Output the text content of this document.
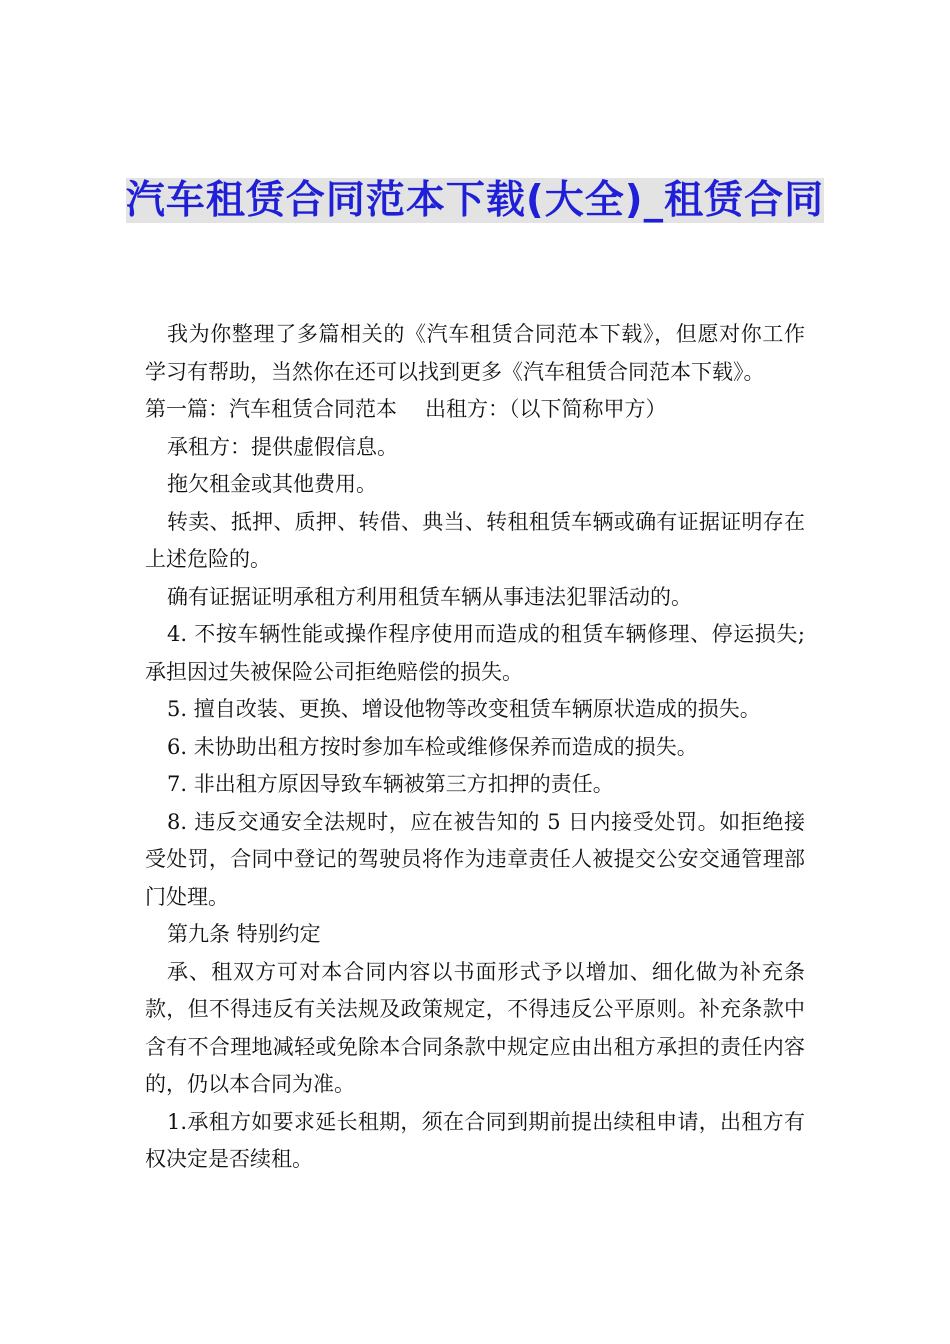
汽车租赁合同范本下载(大全)_租赁合同

我为你整理了多篇相关的《汽车租赁合同范本下载》，但愿对你工作学习有帮助，当然你在还可以找到更多《汽车租赁合同范本下载》。

第一篇：汽车租赁合同范本 出租方：（以下简称甲方）

承租方：提供虚假信息。

拖欠租金或其他费用。

转卖、抵押、质押、转借、典当、转租租赁车辆或确有证据证明存在上述危险的。

确有证据证明承租方利用租赁车辆从事违法犯罪活动的。

4. 不按车辆性能或操作程序使用而造成的租赁车辆修理、停运损失;承担因过失被保险公司拒绝赔偿的损失。

5. 擅自改装、更换、增设他物等改变租赁车辆原状造成的损失。

6. 未协助出租方按时参加车检或维修保养而造成的损失。

7. 非出租方原因导致车辆被第三方扣押的责任。

8. 违反交通安全法规时，应在被告知的 5 日内接受处罚。如拒绝接受处罚，合同中登记的驾驶员将作为违章责任人被提交公安交通管理部门处理。

第九条 特别约定

承、租双方可对本合同内容以书面形式予以增加、细化做为补充条款，但不得违反有关法规及政策规定，不得违反公平原则。补充条款中含有不合理地减轻或免除本合同条款中规定应由出租方承担的责任内容的，仍以本合同为准。

1.承租方如要求延长租期，须在合同到期前提出续租申请，出租方有权决定是否续租。
